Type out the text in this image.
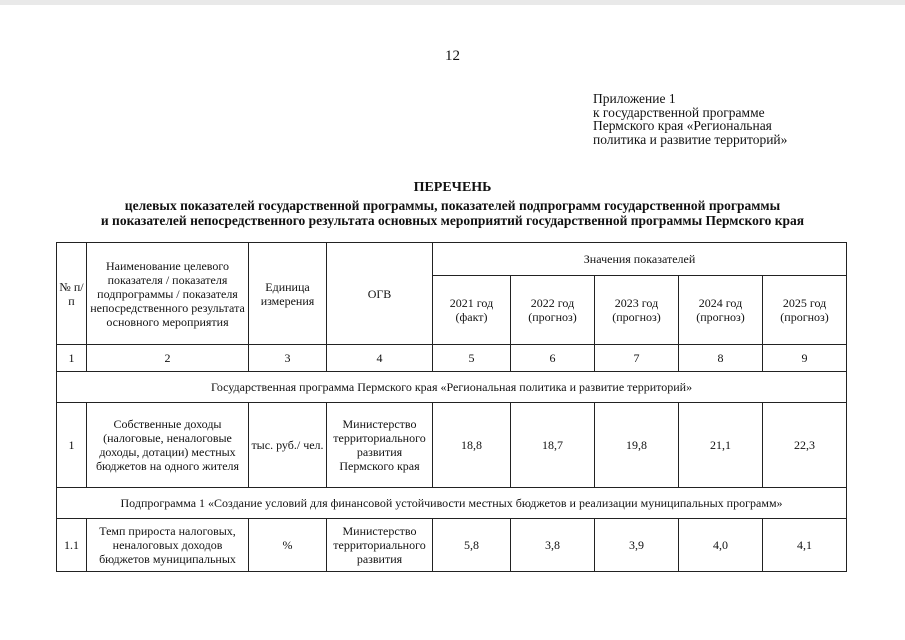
12
Приложение 1
к государственной программе
Пермского края «Региональная
политика и развитие территорий»
ПЕРЕЧЕНЬ
целевых показателей государственной программы, показателей подпрограмм государственной программы
и показателей непосредственного результата основных мероприятий государственной программы Пермского края
№ п/п	Наименование целевого показателя / показателя подпрограммы / показателя непосредственного результата основного мероприятия	Единица измерения	ОГВ	Значения показателей				
				2021 год (факт)	2022 год (прогноз)	2023 год (прогноз)	2024 год (прогноз)	2025 год (прогноз)
1	2	3	4	5	6	7	8	9
Государственная программа Пермского края «Региональная политика и развитие территорий»								
1	Собственные доходы (налоговые, неналоговые доходы, дотации) местных бюджетов на одного жителя	тыс. руб./ чел.	Министерство территориального развития Пермского края	18,8	18,7	19,8	21,1	22,3
Подпрограмма 1 «Создание условий для финансовой устойчивости местных бюджетов и реализации муниципальных программ»								
1.1	Темп прироста налоговых, неналоговых доходов бюджетов муниципальных	%	Министерство территориального развития	5,8	3,8	3,9	4,0	4,1
